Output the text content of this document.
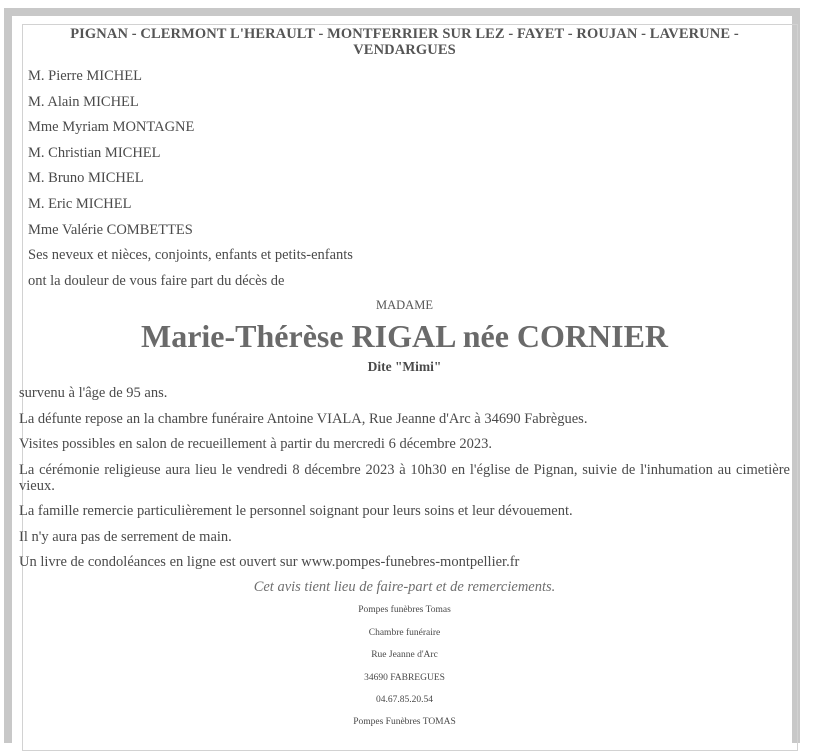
PIGNAN - CLERMONT L'HERAULT - MONTFERRIER SUR LEZ - FAYET - ROUJAN - LAVERUNE - VENDARGUES
M. Pierre MICHEL
M. Alain MICHEL
Mme Myriam MONTAGNE
M. Christian MICHEL
M. Bruno MICHEL
M. Eric MICHEL
Mme Valérie COMBETTES
Ses neveux et nièces, conjoints, enfants et petits-enfants
ont la douleur de vous faire part du décès de
MADAME
Marie-Thérèse RIGAL née CORNIER
Dite "Mimi"

survenu à l'âge de 95 ans.

La défunte repose an la chambre funéraire Antoine VIALA, Rue Jeanne d'Arc à 34690 Fabrègues.

Visites possibles en salon de recueillement à partir du mercredi 6 décembre 2023.

La cérémonie religieuse aura lieu le vendredi 8 décembre 2023 à 10h30 en l'église de Pignan, suivie de l'inhumation au cimetière vieux.

La famille remercie particulièrement le personnel soignant pour leurs soins et leur dévouement.

Il n'y aura pas de serrement de main.

Un livre de condoléances en ligne est ouvert sur www.pompes-funebres-montpellier.fr

Cet avis tient lieu de faire-part et de remerciements.
Pompes funèbres Tomas
Chambre funéraire
Rue Jeanne d'Arc
34690 FABREGUES
04.67.85.20.54
Pompes Funèbres TOMAS
